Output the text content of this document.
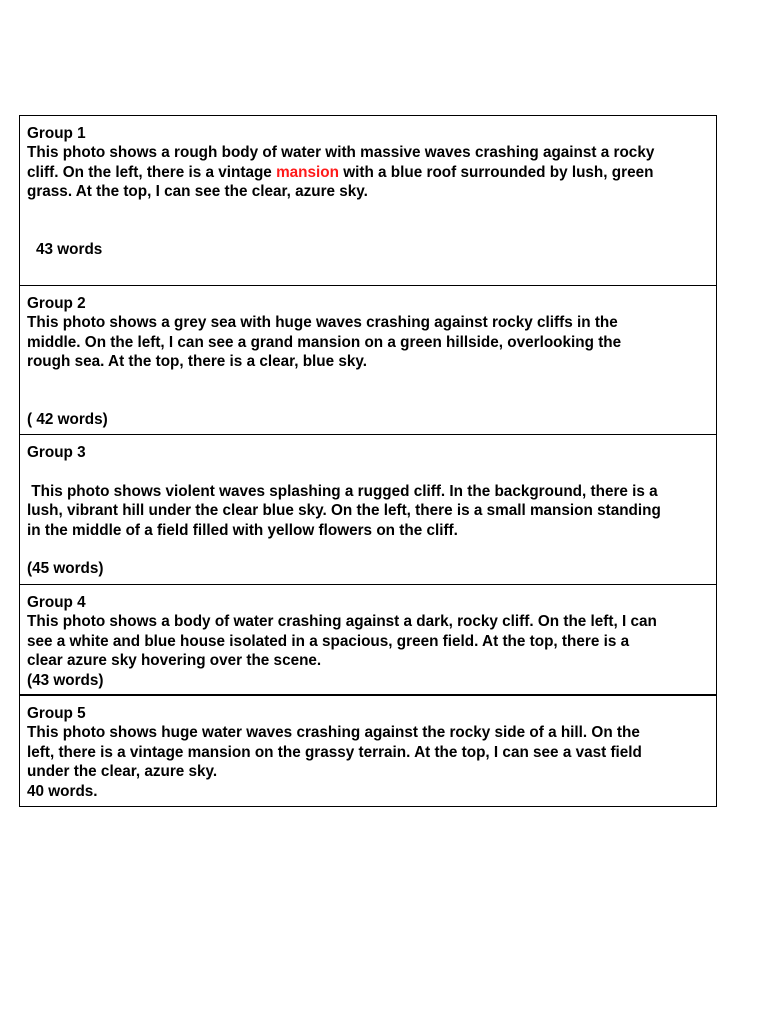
Group 1
This photo shows a rough body of water with massive waves crashing against a rocky
cliff. On the left, there is a vintage mansion with a blue roof surrounded by lush, green
grass. At the top, I can see the clear, azure sky.
43 words
Group 2
This photo shows a grey sea with huge waves crashing against rocky cliffs in the
middle. On the left, I can see a grand mansion on a green hillside, overlooking the
rough sea. At the top, there is a clear, blue sky.
( 42 words)
Group 3
This photo shows violent waves splashing a rugged cliff. In the background, there is a
lush, vibrant hill under the clear blue sky. On the left, there is a small mansion standing
in the middle of a field filled with yellow flowers on the cliff.
(45 words)
Group 4
This photo shows a body of water crashing against a dark, rocky cliff. On the left, I can
see a white and blue house isolated in a spacious, green field. At the top, there is a
clear azure sky hovering over the scene.
(43 words)
Group 5
This photo shows huge water waves crashing against the rocky side of a hill. On the
left, there is a vintage mansion on the grassy terrain. At the top, I can see a vast field
under the clear, azure sky.
40 words.
